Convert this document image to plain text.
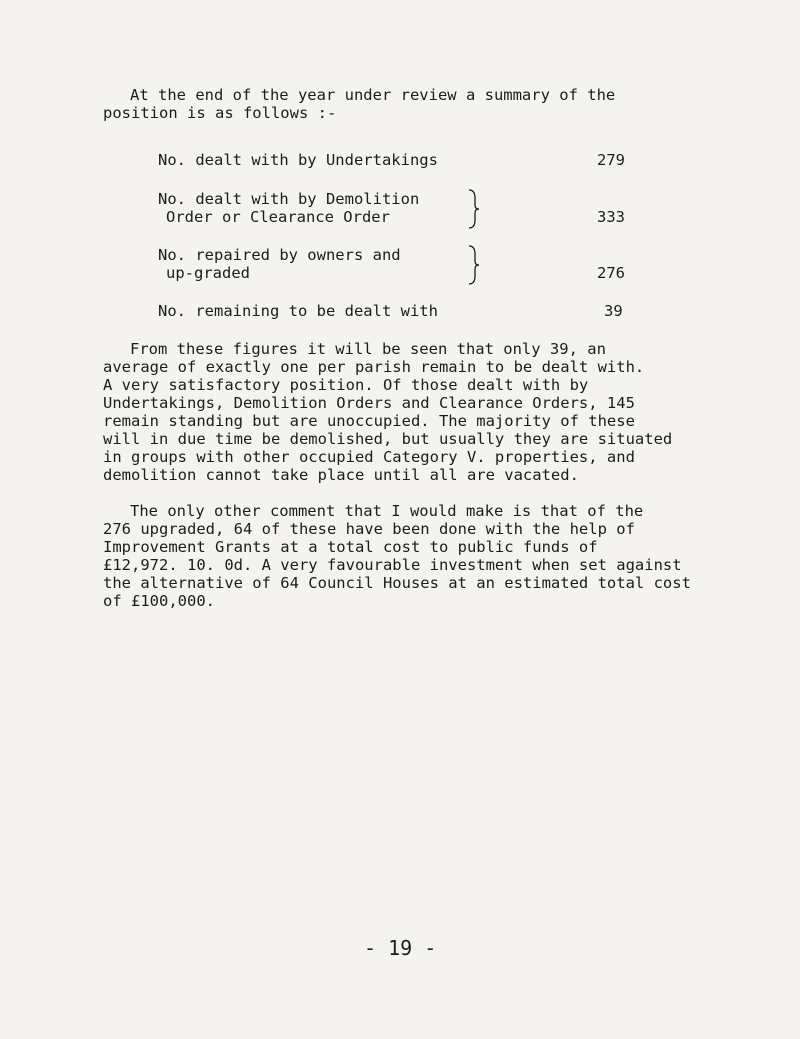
At the end of the year under review a summary of the
position is as follows :-
No. dealt with by Undertakings	279
No. dealt with by Demolition
Order or Clearance Order	333
No. repaired by owners and
up-graded	276
No. remaining to be dealt with	39
From these figures it will be seen that only 39, an
average of exactly one per parish remain to be dealt with.
A very satisfactory position. Of those dealt with by
Undertakings, Demolition Orders and Clearance Orders, 145
remain standing but are unoccupied. The majority of these
will in due time be demolished, but usually they are situated
in groups with other occupied Category V. properties, and
demolition cannot take place until all are vacated.
The only other comment that I would make is that of the
276 upgraded, 64 of these have been done with the help of
Improvement Grants at a total cost to public funds of
£12,972. 10. 0d. A very favourable investment when set against
the alternative of 64 Council Houses at an estimated total cost
of £100,000.
- 19 -
